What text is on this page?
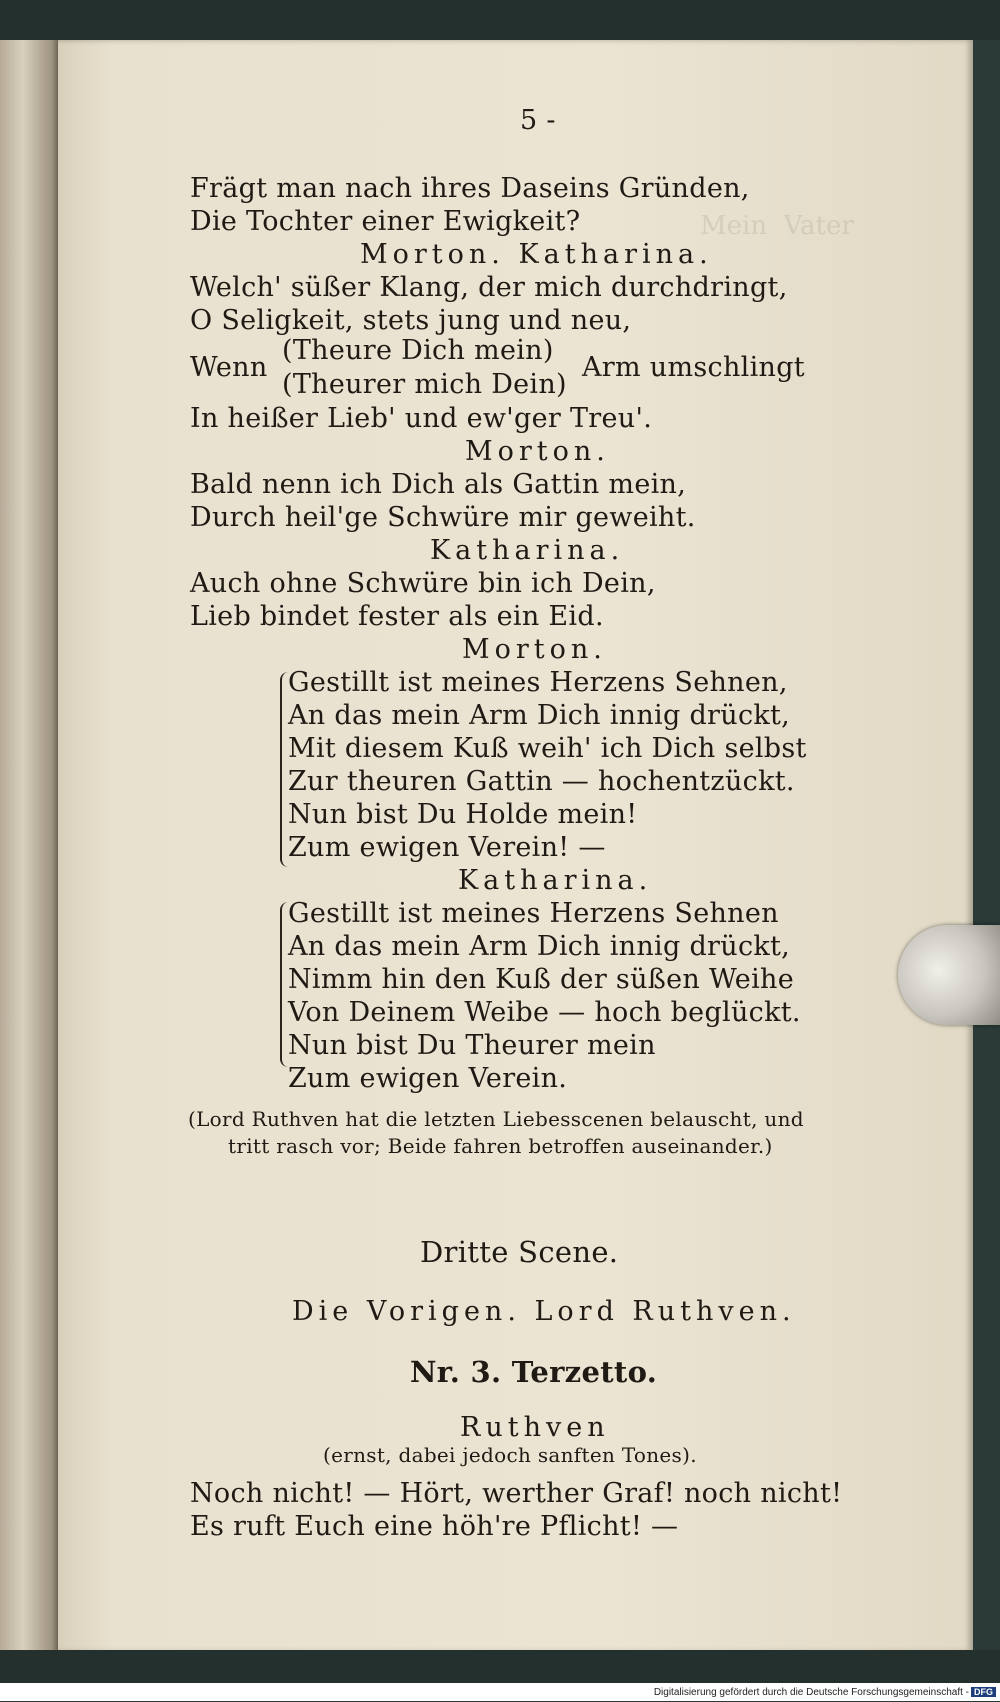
Mein  Vater
5 -
Frägt man nach ihres Daseins Gründen,
Die Tochter einer Ewigkeit?
Morton. Katharina.
Welch' süßer Klang, der mich durchdringt,
O Seligkeit, stets jung und neu,
Wenn
(Theure Dich mein)
(Theurer mich Dein)
Arm umschlingt
In heißer Lieb' und ew'ger Treu'.
Morton.
Bald nenn ich Dich als Gattin mein,
Durch heil'ge Schwüre mir geweiht.
Katharina.
Auch ohne Schwüre bin ich Dein,
Lieb bindet fester als ein Eid.
Morton.
Gestillt ist meines Herzens Sehnen,
An das mein Arm Dich innig drückt,
Mit diesem Kuß weih' ich Dich selbst
Zur theuren Gattin — hochentzückt.
Nun bist Du Holde mein!
Zum ewigen Verein! —
Katharina.
Gestillt ist meines Herzens Sehnen
An das mein Arm Dich innig drückt,
Nimm hin den Kuß der süßen Weihe
Von Deinem Weibe — hoch beglückt.
Nun bist Du Theurer mein
Zum ewigen Verein.
(Lord Ruthven hat die letzten Liebesscenen belauscht, und
tritt rasch vor; Beide fahren betroffen auseinander.)
Dritte Scene.
Die Vorigen. Lord Ruthven.
Nr. 3. Terzetto.
Ruthven
(ernst, dabei jedoch sanften Tones).
Noch nicht! — Hört, werther Graf! noch nicht!
Es ruft Euch eine höh're Pflicht! —
Digitalisierung gefördert durch die Deutsche Forschungsgemeinschaft - DFG
